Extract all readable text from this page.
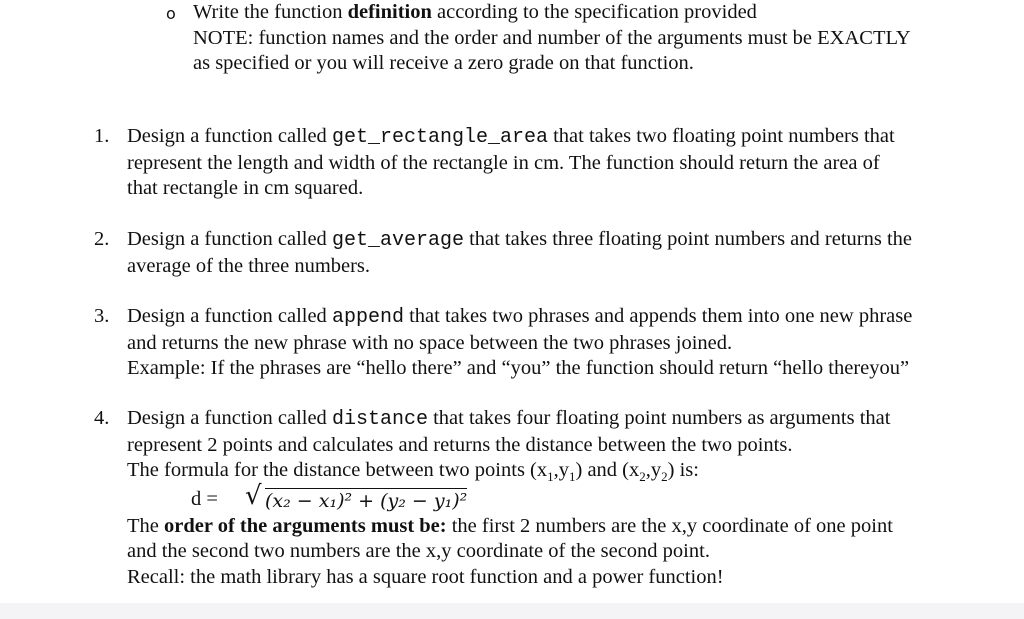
o Write the function definition according to the specification provided
NOTE: function names and the order and number of the arguments must be EXACTLY
as specified or you will receive a zero grade on that function.
1. Design a function called get_rectangle_area that takes two floating point numbers that
represent the length and width of the rectangle in cm. The function should return the area of
that rectangle in cm squared.
2. Design a function called get_average that takes three floating point numbers and returns the
average of the three numbers.
3. Design a function called append that takes two phrases and appends them into one new phrase
and returns the new phrase with no space between the two phrases joined.
Example: If the phrases are “hello there” and “you” the function should return “hello thereyou”
4. Design a function called distance that takes four floating point numbers as arguments that
represent 2 points and calculates and returns the distance between the two points.
The formula for the distance between two points $(x_1,y_1)$ and $(x_2,y_2)$ is:
d = √ (x₂ − x₁)² + (y₂ − y₁)²
The order of the arguments must be: the first 2 numbers are the x,y coordinate of one point
and the second two numbers are the x,y coordinate of the second point.
Recall: the math library has a square root function and a power function!
